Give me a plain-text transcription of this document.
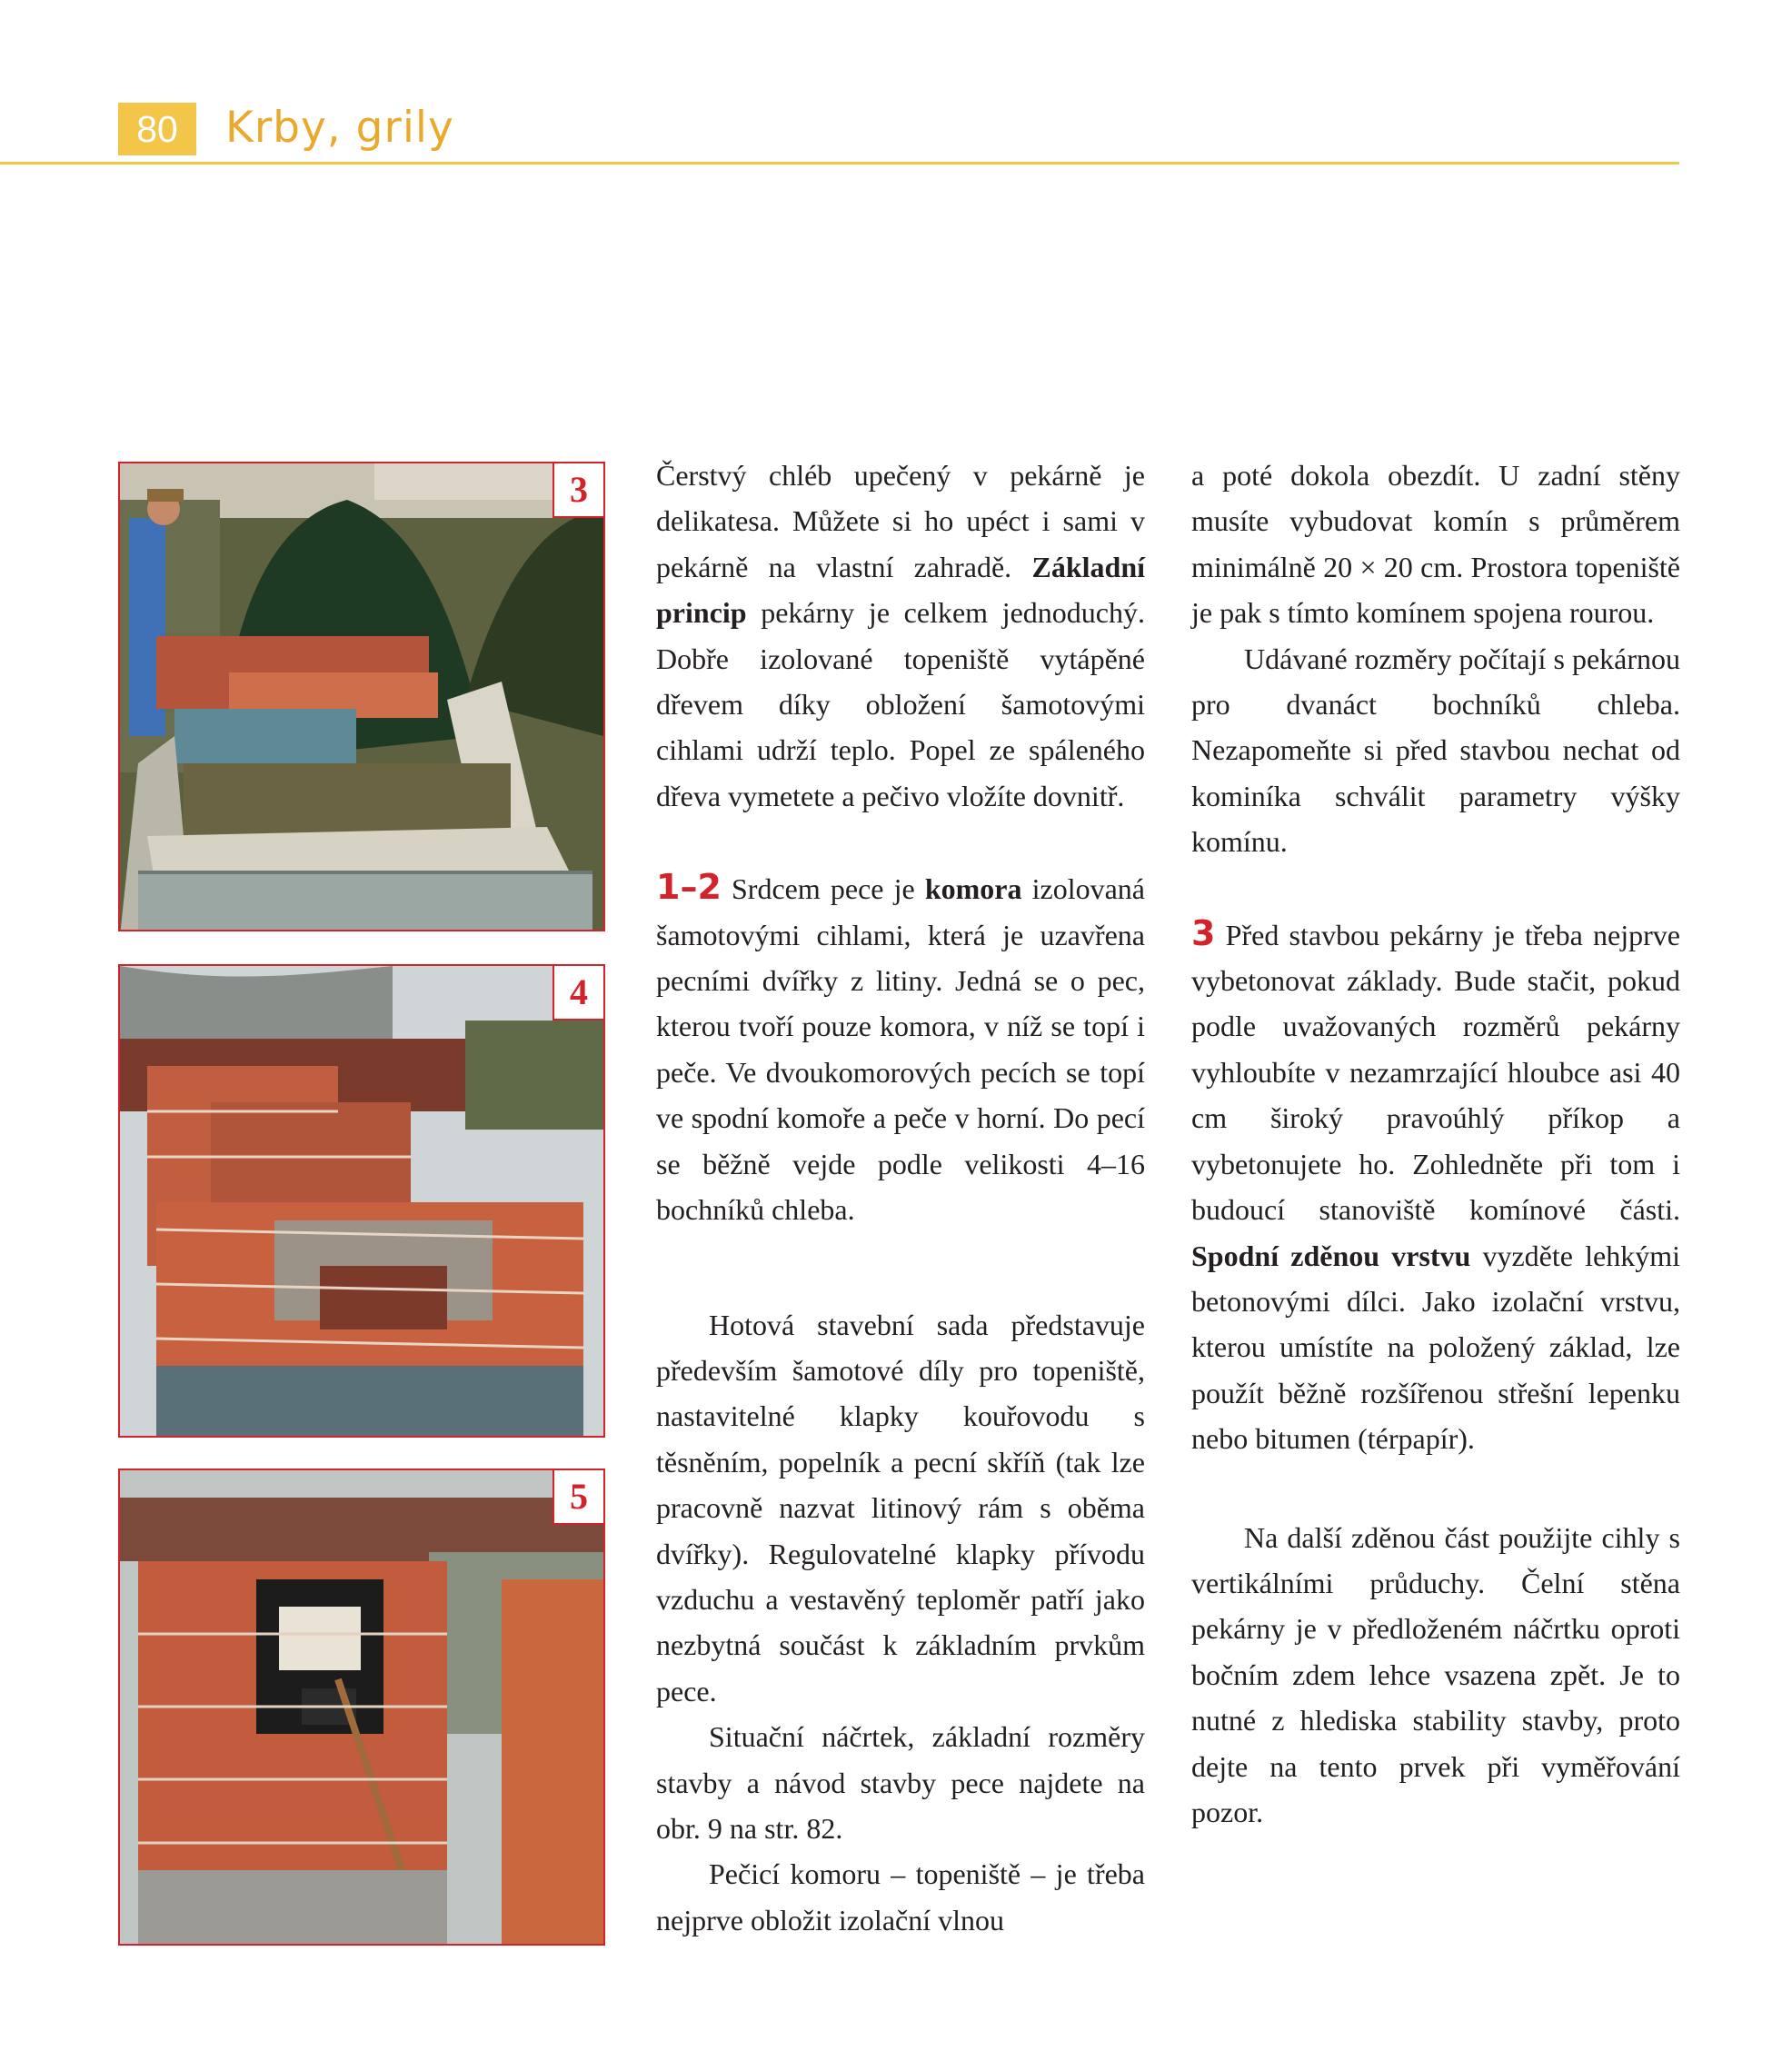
80	Krby, grily
3
4
5

Čerstvý chléb upečený v pekárně je delikatesa. Můžete si ho upéct i sami v pekárně na vlastní zahradě. Základní princip pekárny je celkem jednoduchý. Dobře izolované topeniště vytápěné dřevem díky obložení šamotovými cihlami udrží teplo. Popel ze spáleného dřeva vymetete a pečivo vložíte dovnitř.

1–2 Srdcem pece je komora izolovaná šamotovými cihlami, která je uzavřena pecními dvířky z litiny. Jedná se o pec, kterou tvoří pouze komora, v níž se topí i peče. Ve dvoukomorových pecích se topí ve spodní komoře a peče v horní. Do pecí se běžně vejde podle velikosti 4–16 bochníků chleba.

Hotová stavební sada představuje především šamotové díly pro topeniště, nastavitelné klapky kouřovodu s těsněním, popelník a pecní skříň (tak lze pracovně nazvat litinový rám s oběma dvířky). Regulovatelné klapky přívodu vzduchu a vestavěný teploměr patří jako nezbytná součást k základním prvkům pece.

Situační náčrtek, základní rozměry stavby a návod stavby pece najdete na obr. 9 na str. 82.

Pečicí komoru – topeniště – je třeba nejprve obložit izolační vlnou

a poté dokola obezdít. U zadní stěny musíte vybudovat komín s průměrem minimálně 20 × 20 cm. Prostora topeniště je pak s tímto komínem spojena rourou.

Udávané rozměry počítají s pekárnou pro dvanáct bochníků chleba. Nezapomeňte si před stavbou nechat od kominíka schválit parametry výšky komínu.

3 Před stavbou pekárny je třeba nejprve vybetonovat základy. Bude stačit, pokud podle uvažovaných rozměrů pekárny vyhloubíte v nezamrzající hloubce asi 40 cm široký pravoúhlý příkop a vybetonujete ho. Zohledněte při tom i budoucí stanoviště komínové části. Spodní zděnou vrstvu vyzděte lehkými betonovými dílci. Jako izolační vrstvu, kterou umístíte na položený základ, lze použít běžně rozšířenou střešní lepenku nebo bitumen (térpapír).

Na další zděnou část použijte cihly s vertikálními průduchy. Čelní stěna pekárny je v předloženém náčrtku oproti bočním zdem lehce vsazena zpět. Je to nutné z hlediska stability stavby, proto dejte na tento prvek při vyměřování pozor.
